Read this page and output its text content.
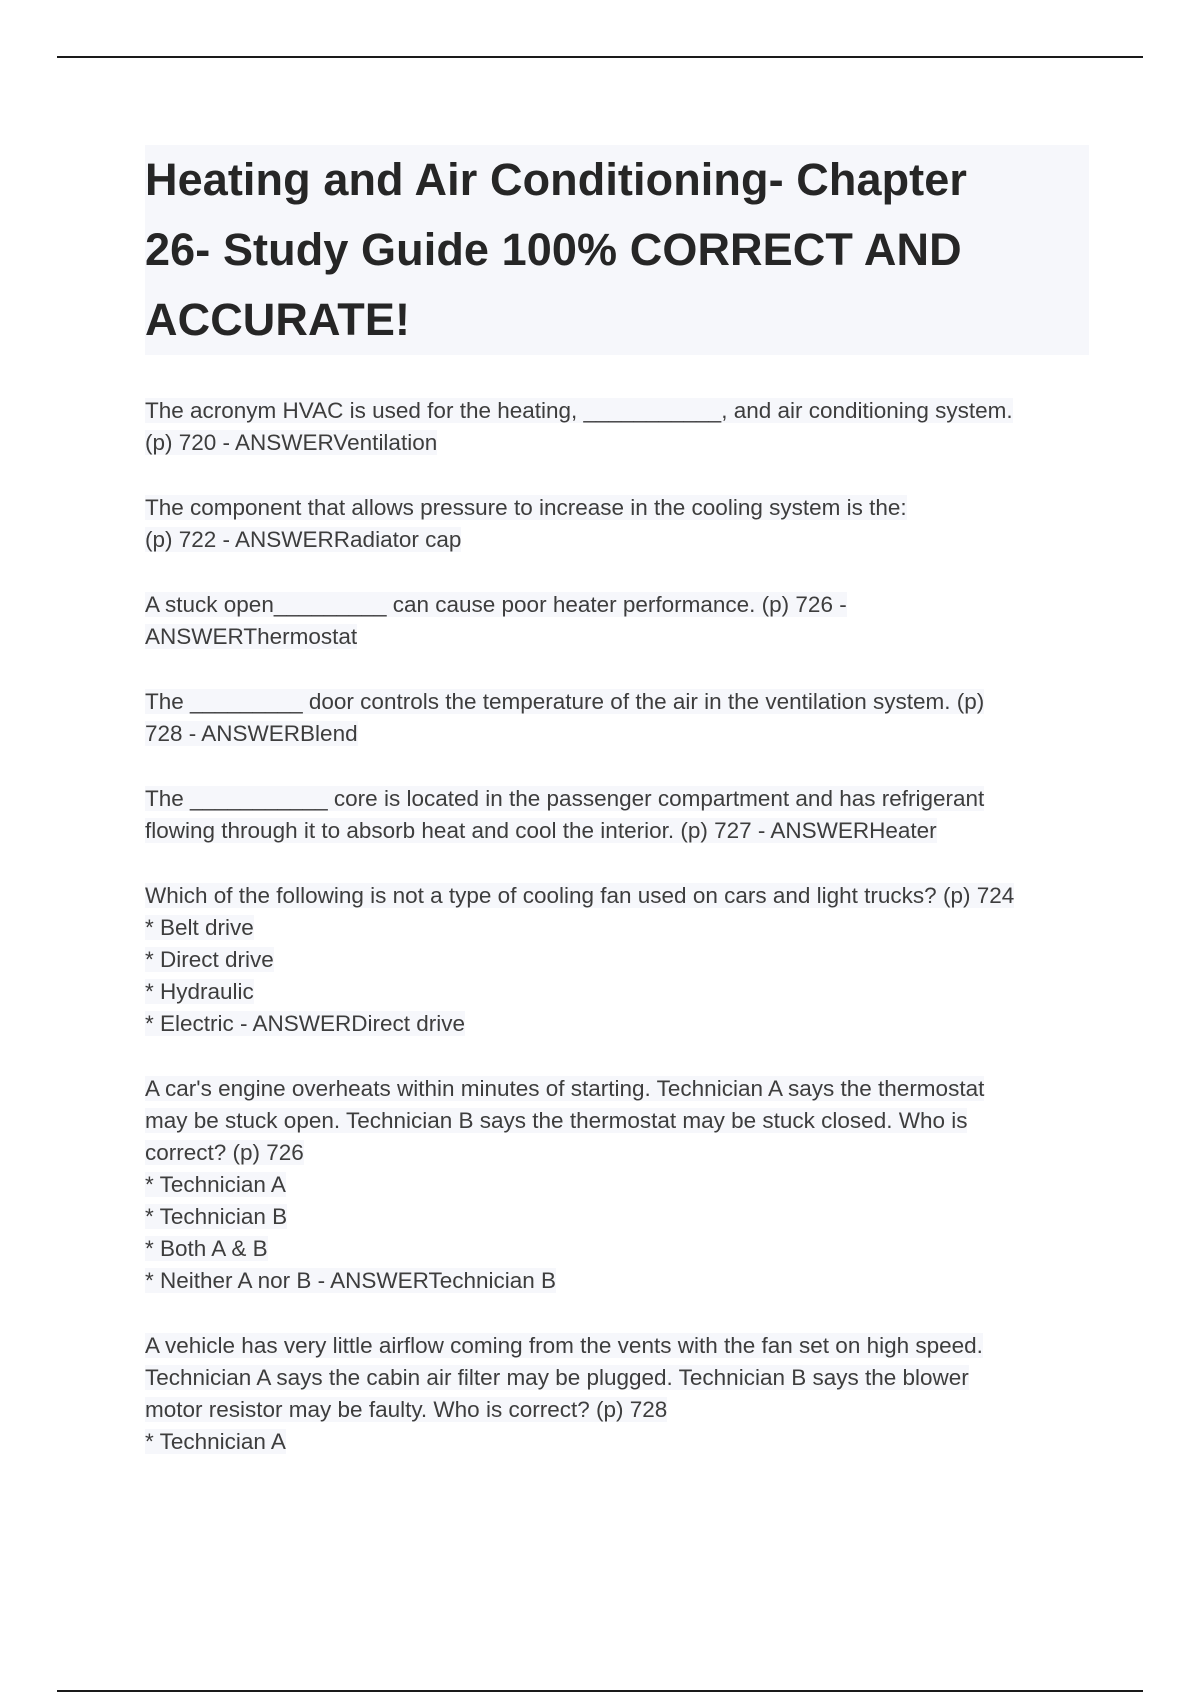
Heating and Air Conditioning- Chapter
26- Study Guide 100% CORRECT AND
ACCURATE!
The acronym HVAC is used for the heating, ___________, and air conditioning system.
(p) 720 - ANSWERVentilation
The component that allows pressure to increase in the cooling system is the:
(p) 722 - ANSWERRadiator cap
A stuck open_________ can cause poor heater performance. (p) 726 -
ANSWERThermostat
The _________ door controls the temperature of the air in the ventilation system. (p)
728 - ANSWERBlend
The ___________ core is located in the passenger compartment and has refrigerant
flowing through it to absorb heat and cool the interior. (p) 727 - ANSWERHeater
Which of the following is not a type of cooling fan used on cars and light trucks? (p) 724
* Belt drive
* Direct drive
* Hydraulic
* Electric - ANSWERDirect drive
A car's engine overheats within minutes of starting. Technician A says the thermostat
may be stuck open. Technician B says the thermostat may be stuck closed. Who is
correct? (p) 726
* Technician A
* Technician B
* Both A & B
* Neither A nor B - ANSWERTechnician B
A vehicle has very little airflow coming from the vents with the fan set on high speed.
Technician A says the cabin air filter may be plugged. Technician B says the blower
motor resistor may be faulty. Who is correct? (p) 728
* Technician A
